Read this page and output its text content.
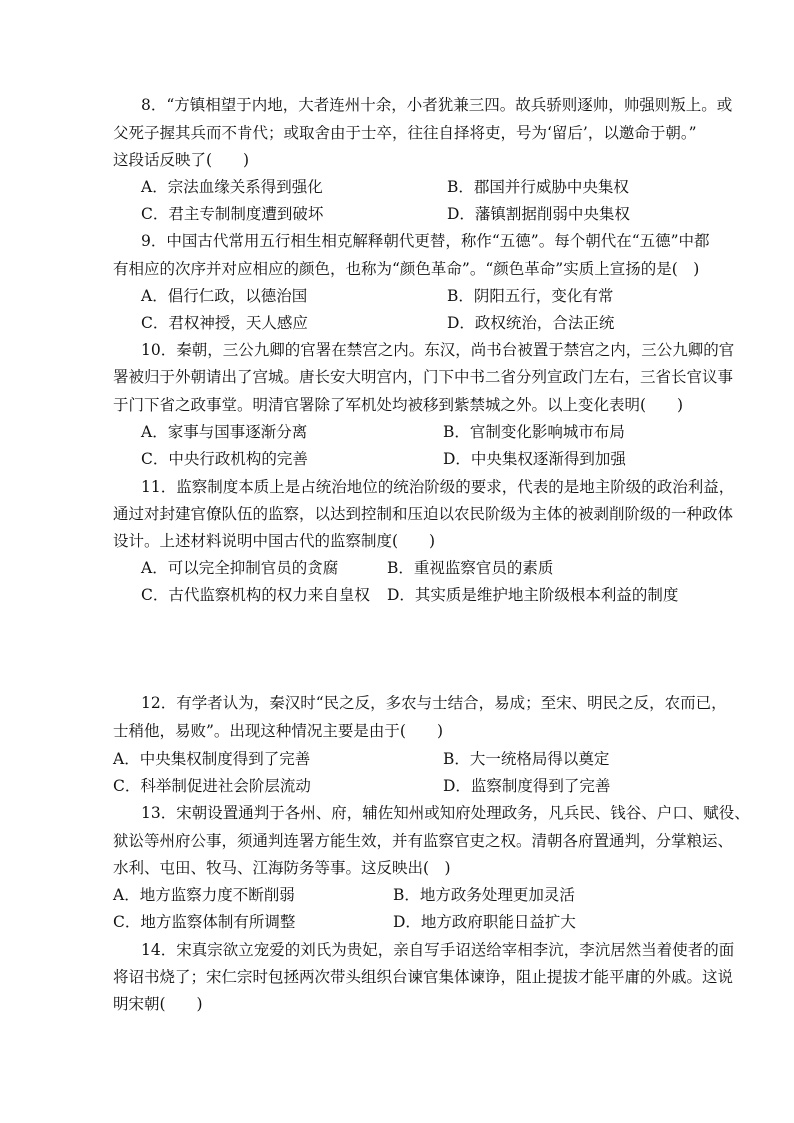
8．“方镇相望于内地，大者连州十余，小者犹兼三四。故兵骄则逐帅，帅强则叛上。或
父死子握其兵而不肯代；或取舍由于士卒，往往自择将吏，号为‘留后’，以邀命于朝。”
这段话反映了(　　)
A．宗法血缘关系得到强化	B．郡国并行威胁中央集权
C．君主专制制度遭到破坏	D．藩镇割据削弱中央集权
9．中国古代常用五行相生相克解释朝代更替，称作“五德”。每个朝代在“五德”中都
有相应的次序并对应相应的颜色，也称为“颜色革命”。“颜色革命”实质上宣扬的是(　)
A．倡行仁政，以德治国	B．阴阳五行，变化有常
C．君权神授，天人感应	D．政权统治，合法正统
10．秦朝，三公九卿的官署在禁宫之内。东汉，尚书台被置于禁宫之内，三公九卿的官
署被归于外朝请出了宫城。唐长安大明宫内，门下中书二省分列宣政门左右，三省长官议事
于门下省之政事堂。明清官署除了军机处均被移到紫禁城之外。以上变化表明(　　)
A．家事与国事逐渐分离	B．官制变化影响城市布局
C．中央行政机构的完善	D．中央集权逐渐得到加强
11．监察制度本质上是占统治地位的统治阶级的要求，代表的是地主阶级的政治利益，
通过对封建官僚队伍的监察，以达到控制和压迫以农民阶级为主体的被剥削阶级的一种政体
设计。上述材料说明中国古代的监察制度(　　)
A．可以完全抑制官员的贪腐	B．重视监察官员的素质
C．古代监察机构的权力来自皇权 D．其实质是维护地主阶级根本利益的制度
12．有学者认为，秦汉时“民之反，多农与士结合，易成；至宋、明民之反，农而已，
士稍他，易败”。出现这种情况主要是由于(　　)
A．中央集权制度得到了完善	B．大一统格局得以奠定
C．科举制促进社会阶层流动	D．监察制度得到了完善
13．宋朝设置通判于各州、府，辅佐知州或知府处理政务，凡兵民、钱谷、户口、赋役、
狱讼等州府公事，须通判连署方能生效，并有监察官吏之权。清朝各府置通判，分掌粮运、
水利、屯田、牧马、江海防务等事。这反映出(　)
A．地方监察力度不断削弱	B．地方政务处理更加灵活
C．地方监察体制有所调整	D．地方政府职能日益扩大
14．宋真宗欲立宠爱的刘氏为贵妃，亲自写手诏送给宰相李沆，李沆居然当着使者的面
将诏书烧了；宋仁宗时包拯两次带头组织台谏官集体谏诤，阻止提拔才能平庸的外戚。这说
明宋朝(　　)
